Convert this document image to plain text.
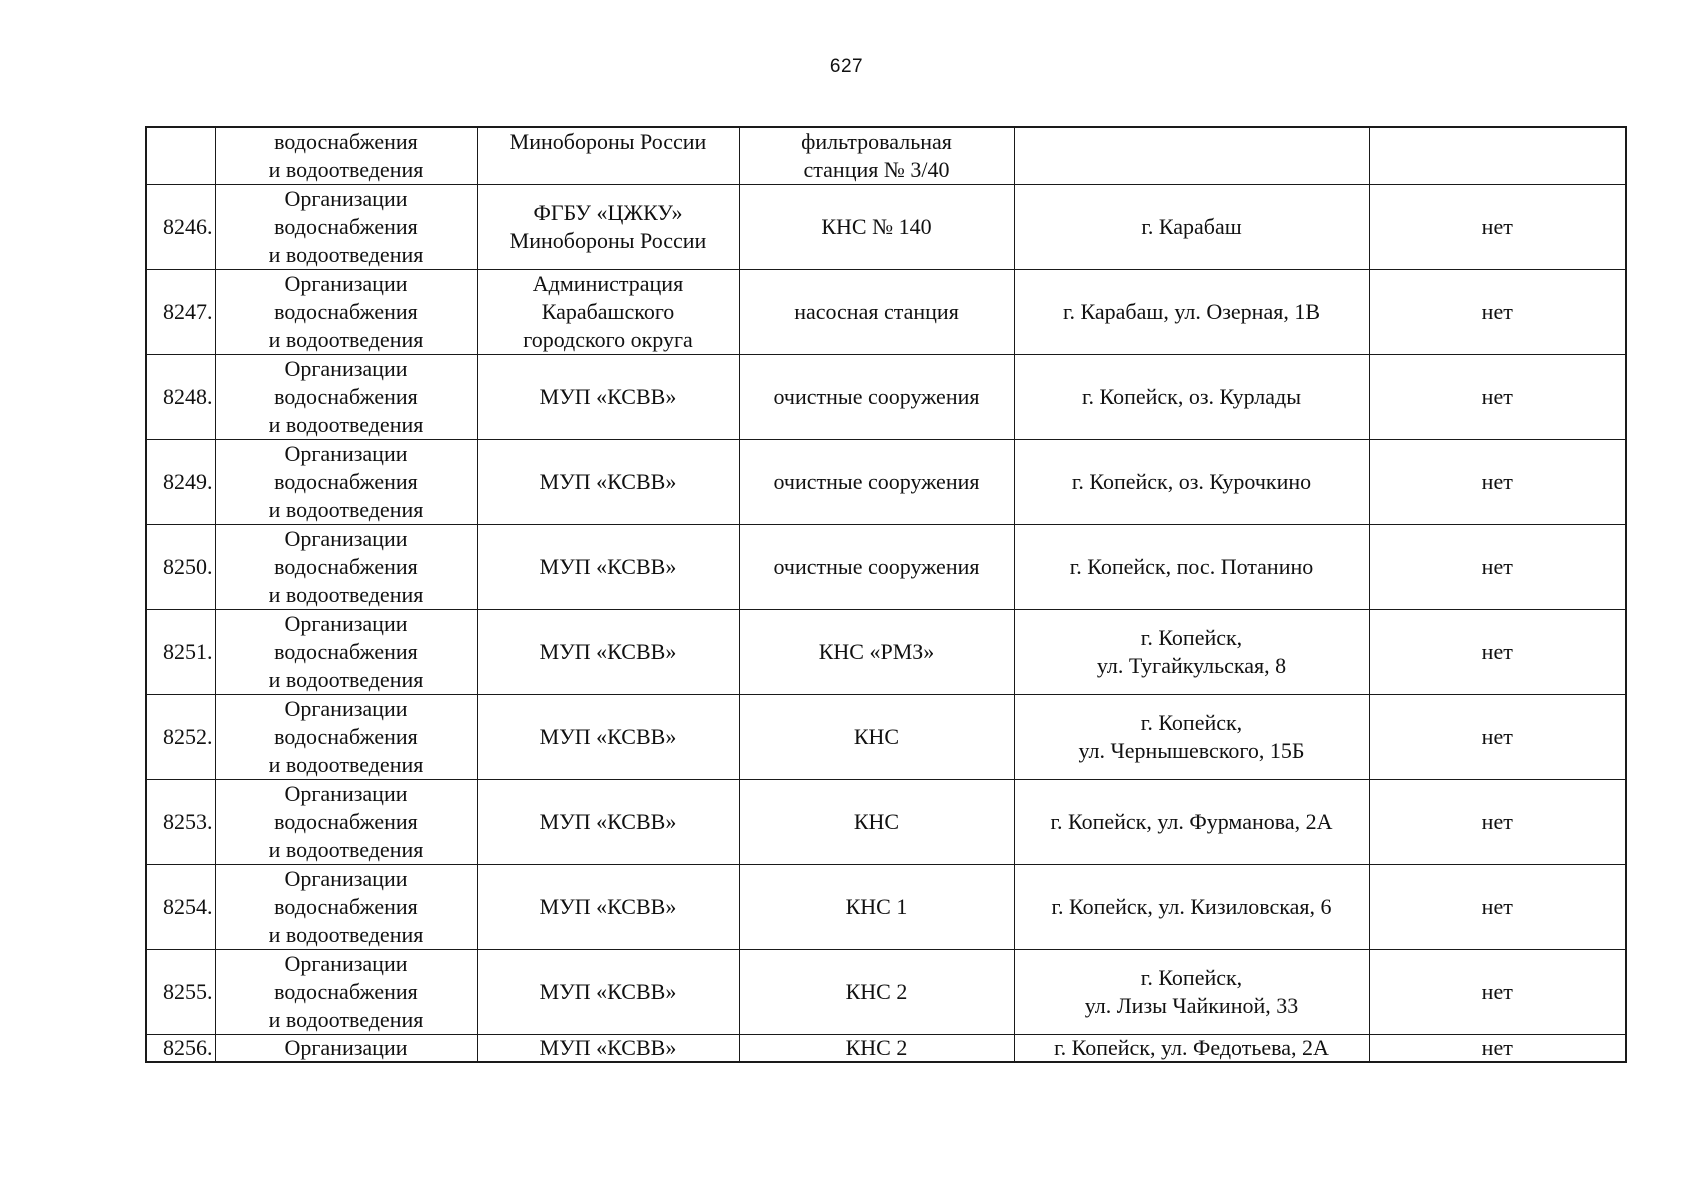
627
	водоснабжения
и водоотведения	Минобороны России	фильтровальная
станция № 3/40		
8246.	Организации
водоснабжения
и водоотведения	ФГБУ «ЦЖКУ»
Минобороны России	КНС № 140	г. Карабаш	нет
8247.	Организации
водоснабжения
и водоотведения	Администрация
Карабашского
городского округа	насосная станция	г. Карабаш, ул. Озерная, 1В	нет
8248.	Организации
водоснабжения
и водоотведения	МУП «КСВВ»	очистные сооружения	г. Копейск, оз. Курлады	нет
8249.	Организации
водоснабжения
и водоотведения	МУП «КСВВ»	очистные сооружения	г. Копейск, оз. Курочкино	нет
8250.	Организации
водоснабжения
и водоотведения	МУП «КСВВ»	очистные сооружения	г. Копейск, пос. Потанино	нет
8251.	Организации
водоснабжения
и водоотведения	МУП «КСВВ»	КНС «РМЗ»	г. Копейск,
ул. Тугайкульская, 8	нет
8252.	Организации
водоснабжения
и водоотведения	МУП «КСВВ»	КНС	г. Копейск,
ул. Чернышевского, 15Б	нет
8253.	Организации
водоснабжения
и водоотведения	МУП «КСВВ»	КНС	г. Копейск, ул. Фурманова, 2А	нет
8254.	Организации
водоснабжения
и водоотведения	МУП «КСВВ»	КНС 1	г. Копейск, ул. Кизиловская, 6	нет
8255.	Организации
водоснабжения
и водоотведения	МУП «КСВВ»	КНС 2	г. Копейск,
ул. Лизы Чайкиной, 33	нет
8256.	Организации	МУП «КСВВ»	КНС 2	г. Копейск, ул. Федотьева, 2А	нет
